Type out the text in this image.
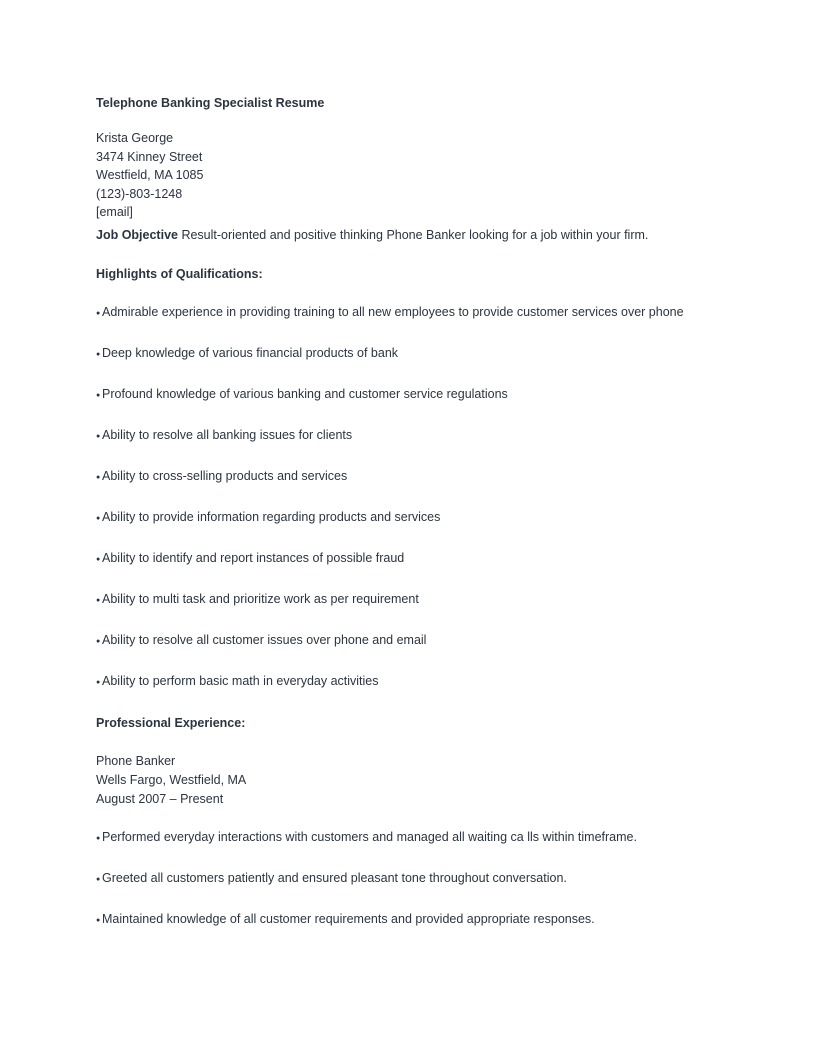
Telephone Banking Specialist Resume
Krista George
3474 Kinney Street
Westfield, MA 1085
(123)-803-1248
[email]
Job Objective Result-oriented and positive thinking Phone Banker looking for a job within your firm.
Highlights of Qualifications:
●
Admirable experience in providing training to all new employees to provide customer services over phone
●
Deep knowledge of various financial products of bank
●
Profound knowledge of various banking and customer service regulations
●
Ability to resolve all banking issues for clients
●
Ability to cross-selling products and services
●
Ability to provide information regarding products and services
●
Ability to identify and report instances of possible fraud
●
Ability to multi task and prioritize work as per requirement
●
Ability to resolve all customer issues over phone and email
●
Ability to perform basic math in everyday activities
Professional Experience:
Phone Banker
Wells Fargo, Westfield, MA
August 2007 – Present
●
Performed everyday interactions with customers and managed all waiting ca lls within timeframe.
●
Greeted all customers patiently and ensured pleasant tone throughout conversation.
●
Maintained knowledge of all customer requirements and provided appropriate responses.
